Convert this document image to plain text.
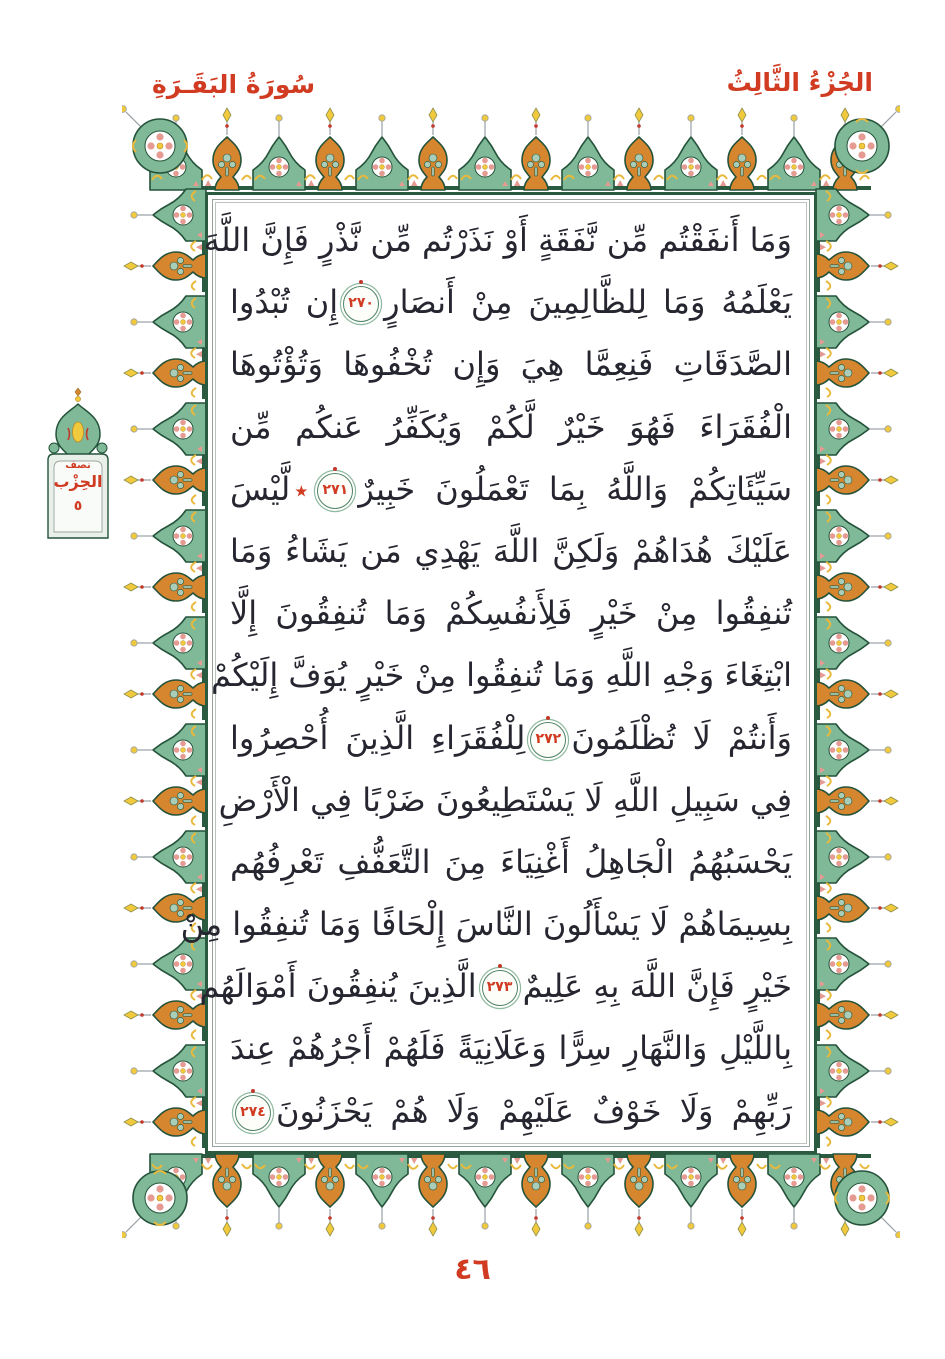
الجُزْءُ الثَّالِثُ
سُورَةُ البَقَـرَةِ
نصف
الحِزْب
٥
وَمَا أَنفَقْتُم مِّن نَّفَقَةٍ أَوْ نَذَرْتُم مِّن نَّذْرٍ فَإِنَّ اللَّهَ
يَعْلَمُهُ وَمَا لِلظَّالِمِينَ مِنْ أَنصَارٍ٢٧٠إِن تُبْدُوا
الصَّدَقَاتِ فَنِعِمَّا هِيَ وَإِن تُخْفُوهَا وَتُؤْتُوهَا
الْفُقَرَاءَ فَهُوَ خَيْرٌ لَّكُمْ وَيُكَفِّرُ عَنكُم مِّن
سَيِّئَاتِكُمْ وَاللَّهُ بِمَا تَعْمَلُونَ خَبِيرٌ٢٧١٭لَّيْسَ
عَلَيْكَ هُدَاهُمْ وَلَكِنَّ اللَّهَ يَهْدِي مَن يَشَاءُ وَمَا
تُنفِقُوا مِنْ خَيْرٍ فَلِأَنفُسِكُمْ وَمَا تُنفِقُونَ إِلَّا
ابْتِغَاءَ وَجْهِ اللَّهِ وَمَا تُنفِقُوا مِنْ خَيْرٍ يُوَفَّ إِلَيْكُمْ
وَأَنتُمْ لَا تُظْلَمُونَ٢٧٢لِلْفُقَرَاءِ الَّذِينَ أُحْصِرُوا
فِي سَبِيلِ اللَّهِ لَا يَسْتَطِيعُونَ ضَرْبًا فِي الْأَرْضِ
يَحْسَبُهُمُ الْجَاهِلُ أَغْنِيَاءَ مِنَ التَّعَفُّفِ تَعْرِفُهُم
بِسِيمَاهُمْ لَا يَسْأَلُونَ النَّاسَ إِلْحَافًا وَمَا تُنفِقُوا مِنْ
خَيْرٍ فَإِنَّ اللَّهَ بِهِ عَلِيمٌ٢٧٣الَّذِينَ يُنفِقُونَ أَمْوَالَهُم
بِاللَّيْلِ وَالنَّهَارِ سِرًّا وَعَلَانِيَةً فَلَهُمْ أَجْرُهُمْ عِندَ
رَبِّهِمْ وَلَا خَوْفٌ عَلَيْهِمْ وَلَا هُمْ يَحْزَنُونَ٢٧٤
٤٦
